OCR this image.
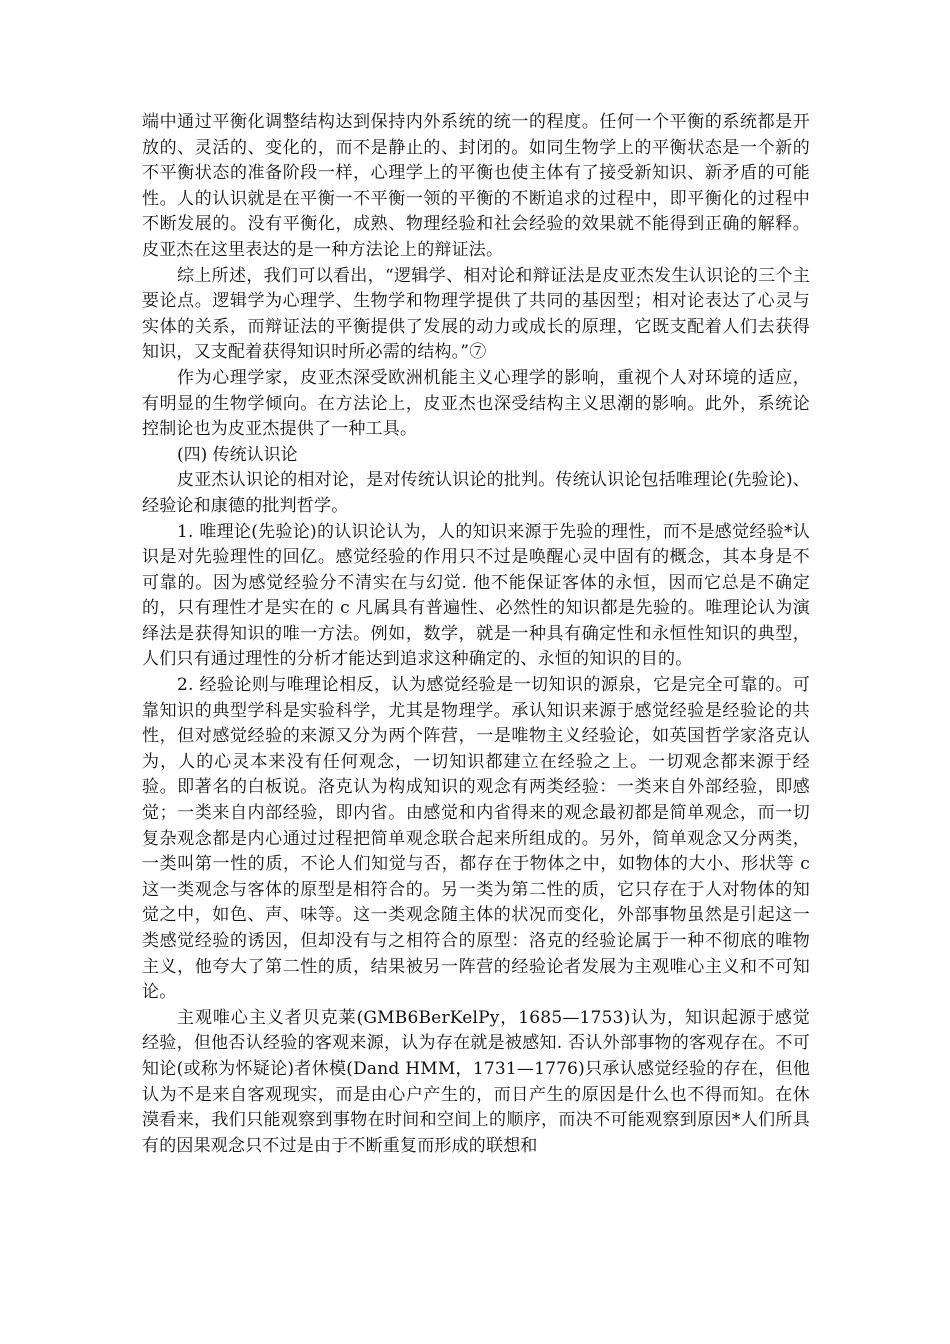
端中通过平衡化调整结构达到保持内外系统的统一的程度。任何一个平衡的系统都是开放的、灵活的、变化的，而不是静止的、封闭的。如同生物学上的平衡状态是一个新的不平衡状态的准备阶段一样，心理学上的平衡也使主体有了接受新知识、新矛盾的可能性。人的认识就是在平衡一不平衡一领的平衡的不断追求的过程中，即平衡化的过程中不断发展的。没有平衡化，成熟、物理经验和社会经验的效果就不能得到正确的解释。皮亚杰在这里表达的是一种方法论上的辩证法。

综上所述，我们可以看出，“逻辑学、相对论和辩证法是皮亚杰发生认识论的三个主要论点。逻辑学为心理学、生物学和物理学提供了共同的基因型；相对论表达了心灵与实体的关系，而辩证法的平衡提供了发展的动力或成长的原理，它既支配着人们去获得知识，又支配着获得知识时所必需的结构。”⑦

作为心理学家，皮亚杰深受欧洲机能主义心理学的影响，重视个人对环境的适应，有明显的生物学倾向。在方法论上，皮亚杰也深受结构主义思潮的影响。此外，系统论控制论也为皮亚杰提供了一种工具。

(四) 传统认识论

皮亚杰认识论的相对论，是对传统认识论的批判。传统认识论包括唯理论(先验论)、经验论和康德的批判哲学。

1. 唯理论(先验论)的认识论认为，人的知识来源于先验的理性，而不是感觉经验*认识是对先验理性的回亿。感觉经验的作用只不过是唤醒心灵中固有的概念，其本身是不可靠的。因为感觉经验分不清实在与幻觉. 他不能保证客体的永恒，因而它总是不确定的，只有理性才是实在的 c 凡属具有普遍性、必然性的知识都是先验的。唯理论认为演绎法是获得知识的唯一方法。例如，数学，就是一种具有确定性和永恒性知识的典型，人们只有通过理性的分析才能达到追求这种确定的、永恒的知识的目的。

2. 经验论则与唯理论相反，认为感觉经验是一切知识的源泉，它是完全可靠的。可靠知识的典型学科是实验科学，尤其是物理学。承认知识来源于感觉经验是经验论的共性，但对感觉经验的来源又分为两个阵营，一是唯物主义经验论，如英国哲学家洛克认为，人的心灵本来没有任何观念，一切知识都建立在经验之上。一切观念都来源于经验。即著名的白板说。洛克认为构成知识的观念有两类经验：一类来自外部经验，即感觉；一类来自内部经验，即内省。由感觉和内省得来的观念最初都是简单观念，而一切复杂观念都是内心通过过程把简单观念联合起来所组成的。另外，简单观念又分两类，一类叫第一性的质，不论人们知觉与否，都存在于物体之中，如物体的大小、形状等 c 这一类观念与客体的原型是相符合的。另一类为第二性的质，它只存在于人对物体的知觉之中，如色、声、味等。这一类观念随主体的状况而变化，外部事物虽然是引起这一类感觉经验的诱因，但却没有与之相符合的原型：洛克的经验论属于一种不彻底的唯物主义，他夸大了第二性的质，结果被另一阵营的经验论者发展为主观唯心主义和不可知论。

主观唯心主义者贝克莱(GMB6BerKelPy，1685—1753)认为，知识起源于感觉经验，但他否认经验的客观来源，认为存在就是被感知. 否认外部事物的客观存在。不可知论(或称为怀疑论)者休模(Dand HMM，1731—1776)只承认感觉经验的存在，但他认为不是来自客观现实，而是由心户产生的，而日产生的原因是什么也不得而知。在休漠看来，我们只能观察到事物在时间和空间上的顺序，而决不可能观察到原因*人们所具有的因果观念只不过是由于不断重复而形成的联想和
